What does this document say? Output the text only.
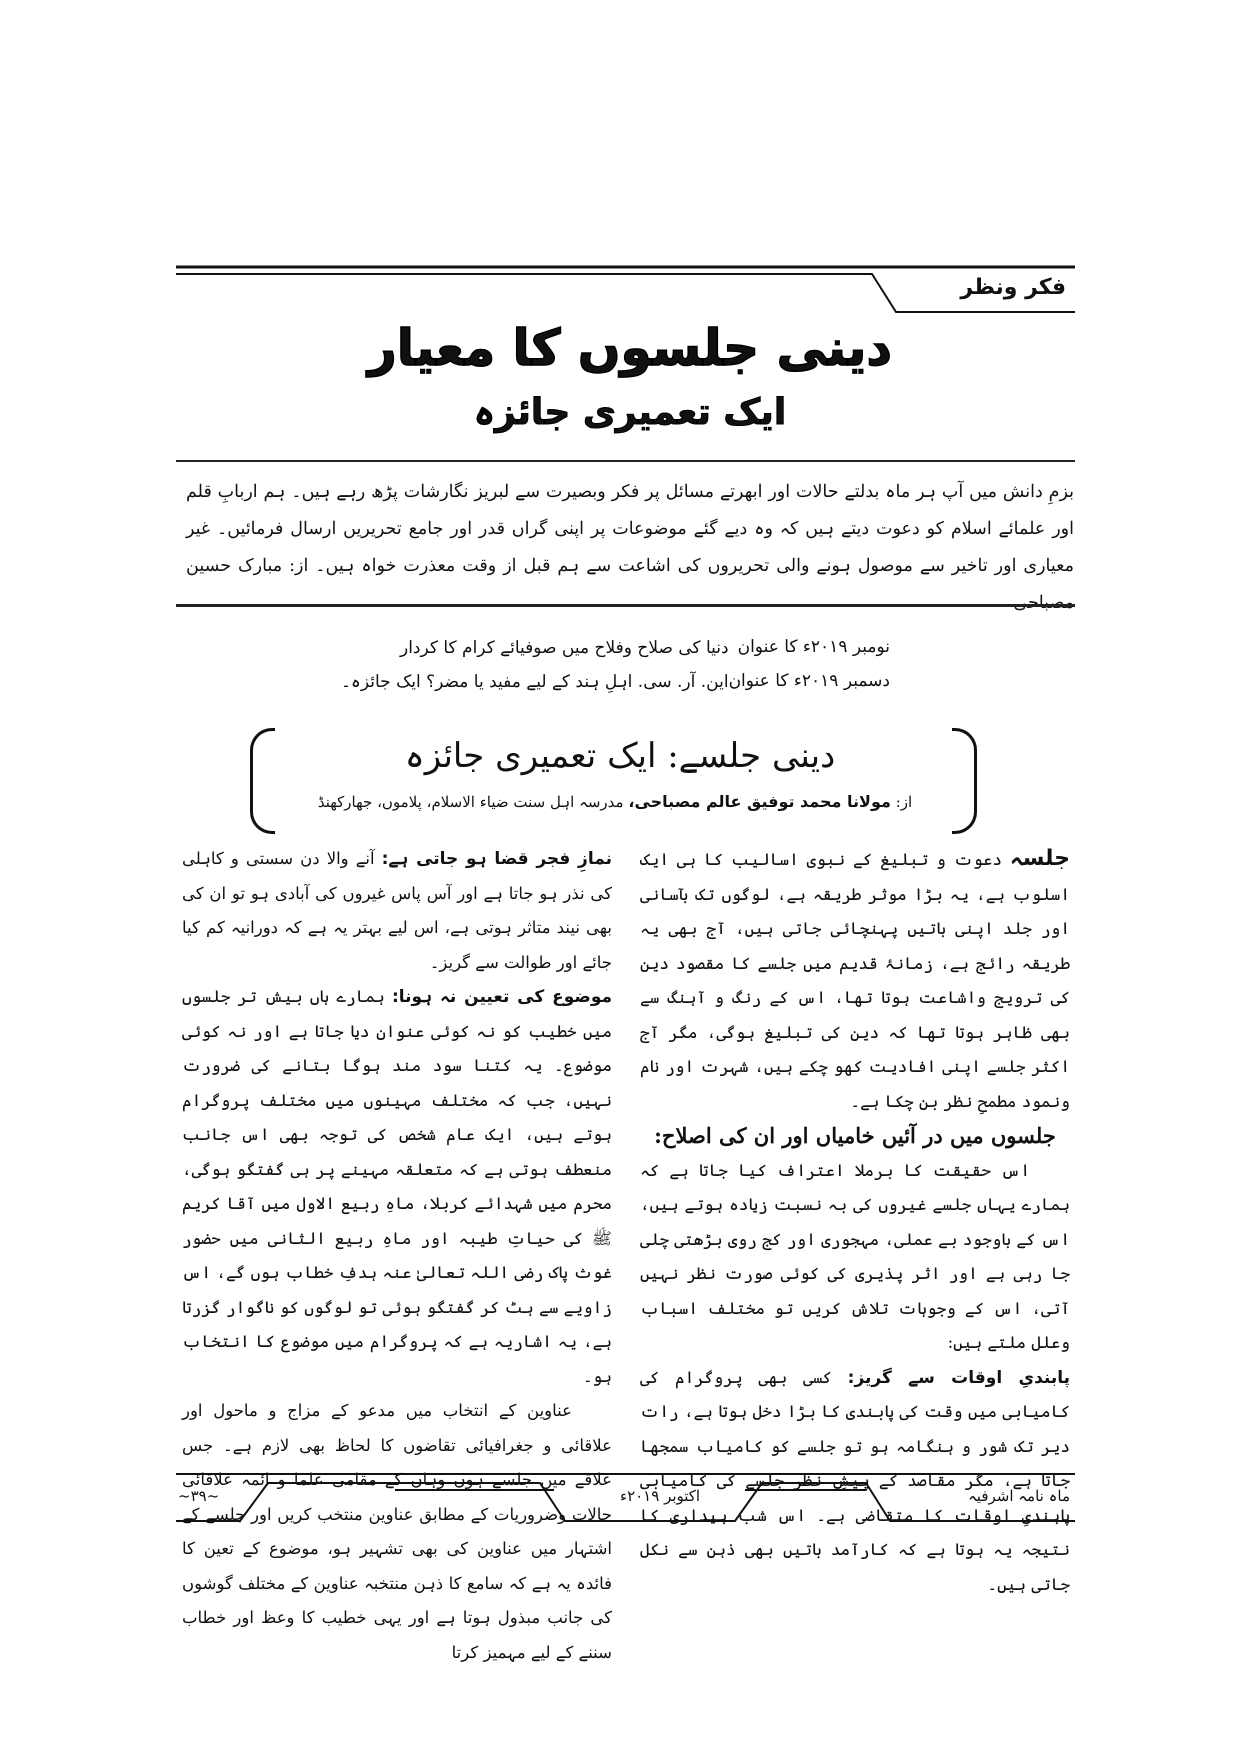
فکر ونظر
دینی جلسوں کا معیار
ایک تعمیری جائزہ
بزمِ دانش میں آپ ہر ماہ بدلتے حالات اور ابھرتے مسائل پر فکر وبصیرت سے لبریز نگارشات پڑھ رہے ہیں۔ ہم اربابِ قلم اور علمائے اسلام کو دعوت دیتے ہیں کہ وہ دیے گئے موضوعات پر اپنی گراں قدر اور جامع تحریریں ارسال فرمائیں۔ غیر معیاری اور تاخیر سے موصول ہونے والی تحریروں کی اشاعت سے ہم قبل از وقت معذرت خواہ ہیں۔ از: مبارک حسین مصباحی
نومبر ۲۰۱۹ء کا عنوان
دنیا کی صلاح وفلاح میں صوفیائے کرام کا کردار
دسمبر ۲۰۱۹ء کا عنوان
این. آر. سی. اہلِ ہند کے لیے مفید یا مضر؟ ایک جائزہ۔
دینی جلسے: ایک تعمیری جائزہ
از: مولانا محمد توفیق عالم مصباحی، مدرسہ اہل سنت ضیاء الاسلام، پلاموں، جھارکھنڈ

جلسہ دعوت و تبلیغ کے نبوی اسالیب کا ہی ایک اسلوب ہے، یہ بڑا موثر طریقہ ہے، لوگوں تک بآسانی اور جلد اپنی باتیں پہنچائی جاتی ہیں، آج بھی یہ طریقہ رائج ہے، زمانۂ قدیم میں جلسے کا مقصود دین کی ترویج واشاعت ہوتا تھا، اس کے رنگ و آہنگ سے بھی ظاہر ہوتا تھا کہ دین کی تبلیغ ہوگی، مگر آج اکثر جلسے اپنی افادیت کھو چکے ہیں، شہرت اور نام ونمود مطمحِ نظر بن چکا ہے۔

جلسوں میں در آئیں خامیاں اور ان کی اصلاح:

اس حقیقت کا برملا اعتراف کیا جاتا ہے کہ ہمارے یہاں جلسے غیروں کی بہ نسبت زیادہ ہوتے ہیں، اس کے باوجود بے عملی، مہجوری اور کج روی بڑھتی چلی جا رہی ہے اور اثر پذیری کی کوئی صورت نظر نہیں آتی، اس کے وجوہات تلاش کریں تو مختلف اسباب وعلل ملتے ہیں:

پابندیِ اوقات سے گریز: کسی بھی پروگرام کی کامیابی میں وقت کی پابندی کا بڑا دخل ہوتا ہے، رات دیر تک شور و ہنگامہ ہو تو جلسے کو کامیاب سمجھا جاتا ہے، مگر مقاصد کے پیشِ نظر جلسے کی کامیابی پابندیِ اوقات کا متقاضی ہے۔ اس شب بیداری کا نتیجہ یہ ہوتا ہے کہ کارآمد باتیں بھی ذہن سے نکل جاتی ہیں۔

نمازِ فجر قضا ہو جاتی ہے: آنے والا دن سستی و کاہلی کی نذر ہو جاتا ہے اور آس پاس غیروں کی آبادی ہو تو ان کی بھی نیند متاثر ہوتی ہے، اس لیے بہتر یہ ہے کہ دورانیہ کم کیا جائے اور طوالت سے گریز۔

موضوع کی تعیین نہ ہونا: ہمارے ہاں بیش تر جلسوں میں خطیب کو نہ کوئی عنوان دیا جاتا ہے اور نہ کوئی موضوع۔ یہ کتنا سود مند ہوگا بتانے کی ضرورت نہیں، جب کہ مختلف مہینوں میں مختلف پروگرام ہوتے ہیں، ایک عام شخص کی توجہ بھی اس جانب منعطف ہوتی ہے کہ متعلقہ مہینے پر ہی گفتگو ہوگی، محرم میں شہدائے کربلا، ماہِ ربیع الاول میں آقا کریم ﷺ کی حیاتِ طیبہ اور ماہِ ربیع الثانی میں حضور غوث پاک رضی اللہ تعالیٰ عنہ ہدفِ خطاب ہوں گے، اس زاویے سے ہٹ کر گفتگو ہوئی تو لوگوں کو ناگوار گزرتا ہے، یہ اشاریہ ہے کہ پروگرام میں موضوع کا انتخاب ہو۔

عناوین کے انتخاب میں مدعو کے مزاج و ماحول اور علاقائی و جغرافیائی تقاضوں کا لحاظ بھی لازم ہے۔ جس علاقے میں جلسے ہوں وہاں کے مقامی علما و ائمہ علاقائی حالات وضروریات کے مطابق عناوین منتخب کریں اور جلسے کے اشتہار میں عناوین کی بھی تشہیر ہو، موضوع کے تعین کا فائدہ یہ ہے کہ سامع کا ذہن منتخبہ عناوین کے مختلف گوشوں کی جانب مبذول ہوتا ہے اور یہی خطیب کا وعظ اور خطاب سننے کے لیے مہمیز کرتا

ماہ نامہ اشرفیہ
اکتوبر ۲۰۱۹ء
~۳۹~
